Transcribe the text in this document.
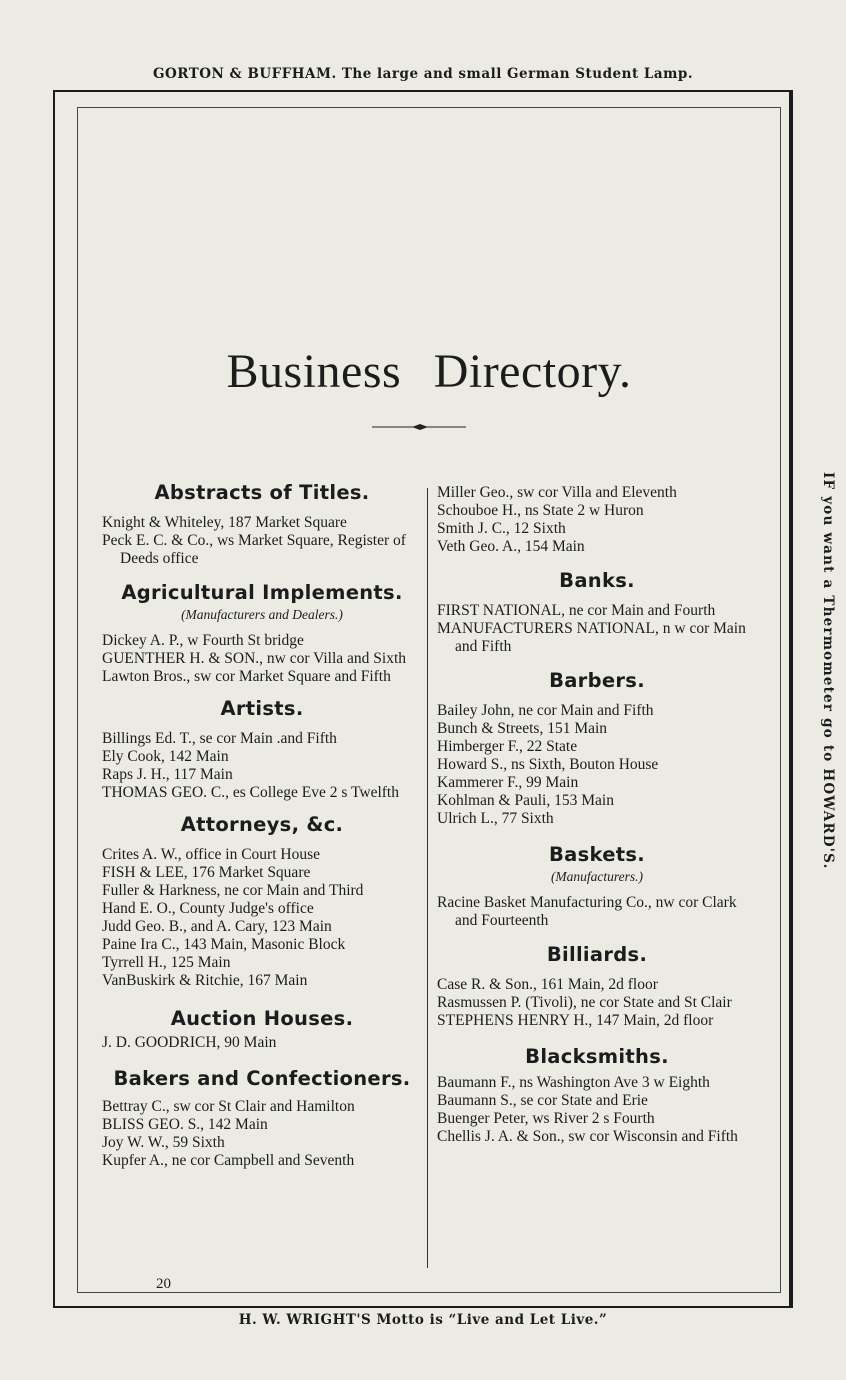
GORTON & BUFFHAM. The large and small German Student Lamp.
IF you want a Thermometer go to HOWARD'S.
Business Directory.
Abstracts of Titles.

Knight & Whiteley, 187 Market Square

Peck E. C. & Co., ws Market Square, Register of Deeds office

Agricultural Implements.

(Manufacturers and Dealers.)

Dickey A. P., w Fourth St bridge

GUENTHER H. & SON., nw cor Villa and Sixth

Lawton Bros., sw cor Market Square and Fifth

Artists.

Billings Ed. T., se cor Main .and Fifth

Ely Cook, 142 Main

Raps J. H., 117 Main

THOMAS GEO. C., es College Eve 2 s Twelfth

Attorneys, &c.

Crites A. W., office in Court House

FISH & LEE, 176 Market Square

Fuller & Harkness, ne cor Main and Third

Hand E. O., County Judge's office

Judd Geo. B., and A. Cary, 123 Main

Paine Ira C., 143 Main, Masonic Block

Tyrrell H., 125 Main

VanBuskirk & Ritchie, 167 Main

Auction Houses.

J. D. GOODRICH, 90 Main

Bakers and Confectioners.

Bettray C., sw cor St Clair and Hamilton

BLISS GEO. S., 142 Main

Joy W. W., 59 Sixth

Kupfer A., ne cor Campbell and Seventh

Miller Geo., sw cor Villa and Eleventh

Schouboe H., ns State 2 w Huron

Smith J. C., 12 Sixth

Veth Geo. A., 154 Main

Banks.

FIRST NATIONAL, ne cor Main and Fourth

MANUFACTURERS NATIONAL, n w cor Main and Fifth

Barbers.

Bailey John, ne cor Main and Fifth

Bunch & Streets, 151 Main

Himberger F., 22 State

Howard S., ns Sixth, Bouton House

Kammerer F., 99 Main

Kohlman & Pauli, 153 Main

Ulrich L., 77 Sixth

Baskets.

(Manufacturers.)

Racine Basket Manufacturing Co., nw cor Clark and Fourteenth

Billiards.

Case R. & Son., 161 Main, 2d floor

Rasmussen P. (Tivoli), ne cor State and St Clair

STEPHENS HENRY H., 147 Main, 2d floor

Blacksmiths.

Baumann F., ns Washington Ave 3 w Eighth

Baumann S., se cor State and Erie

Buenger Peter, ws River 2 s Fourth

Chellis J. A. & Son., sw cor Wisconsin and Fifth

20
H. W. WRIGHT'S Motto is “Live and Let Live.”
